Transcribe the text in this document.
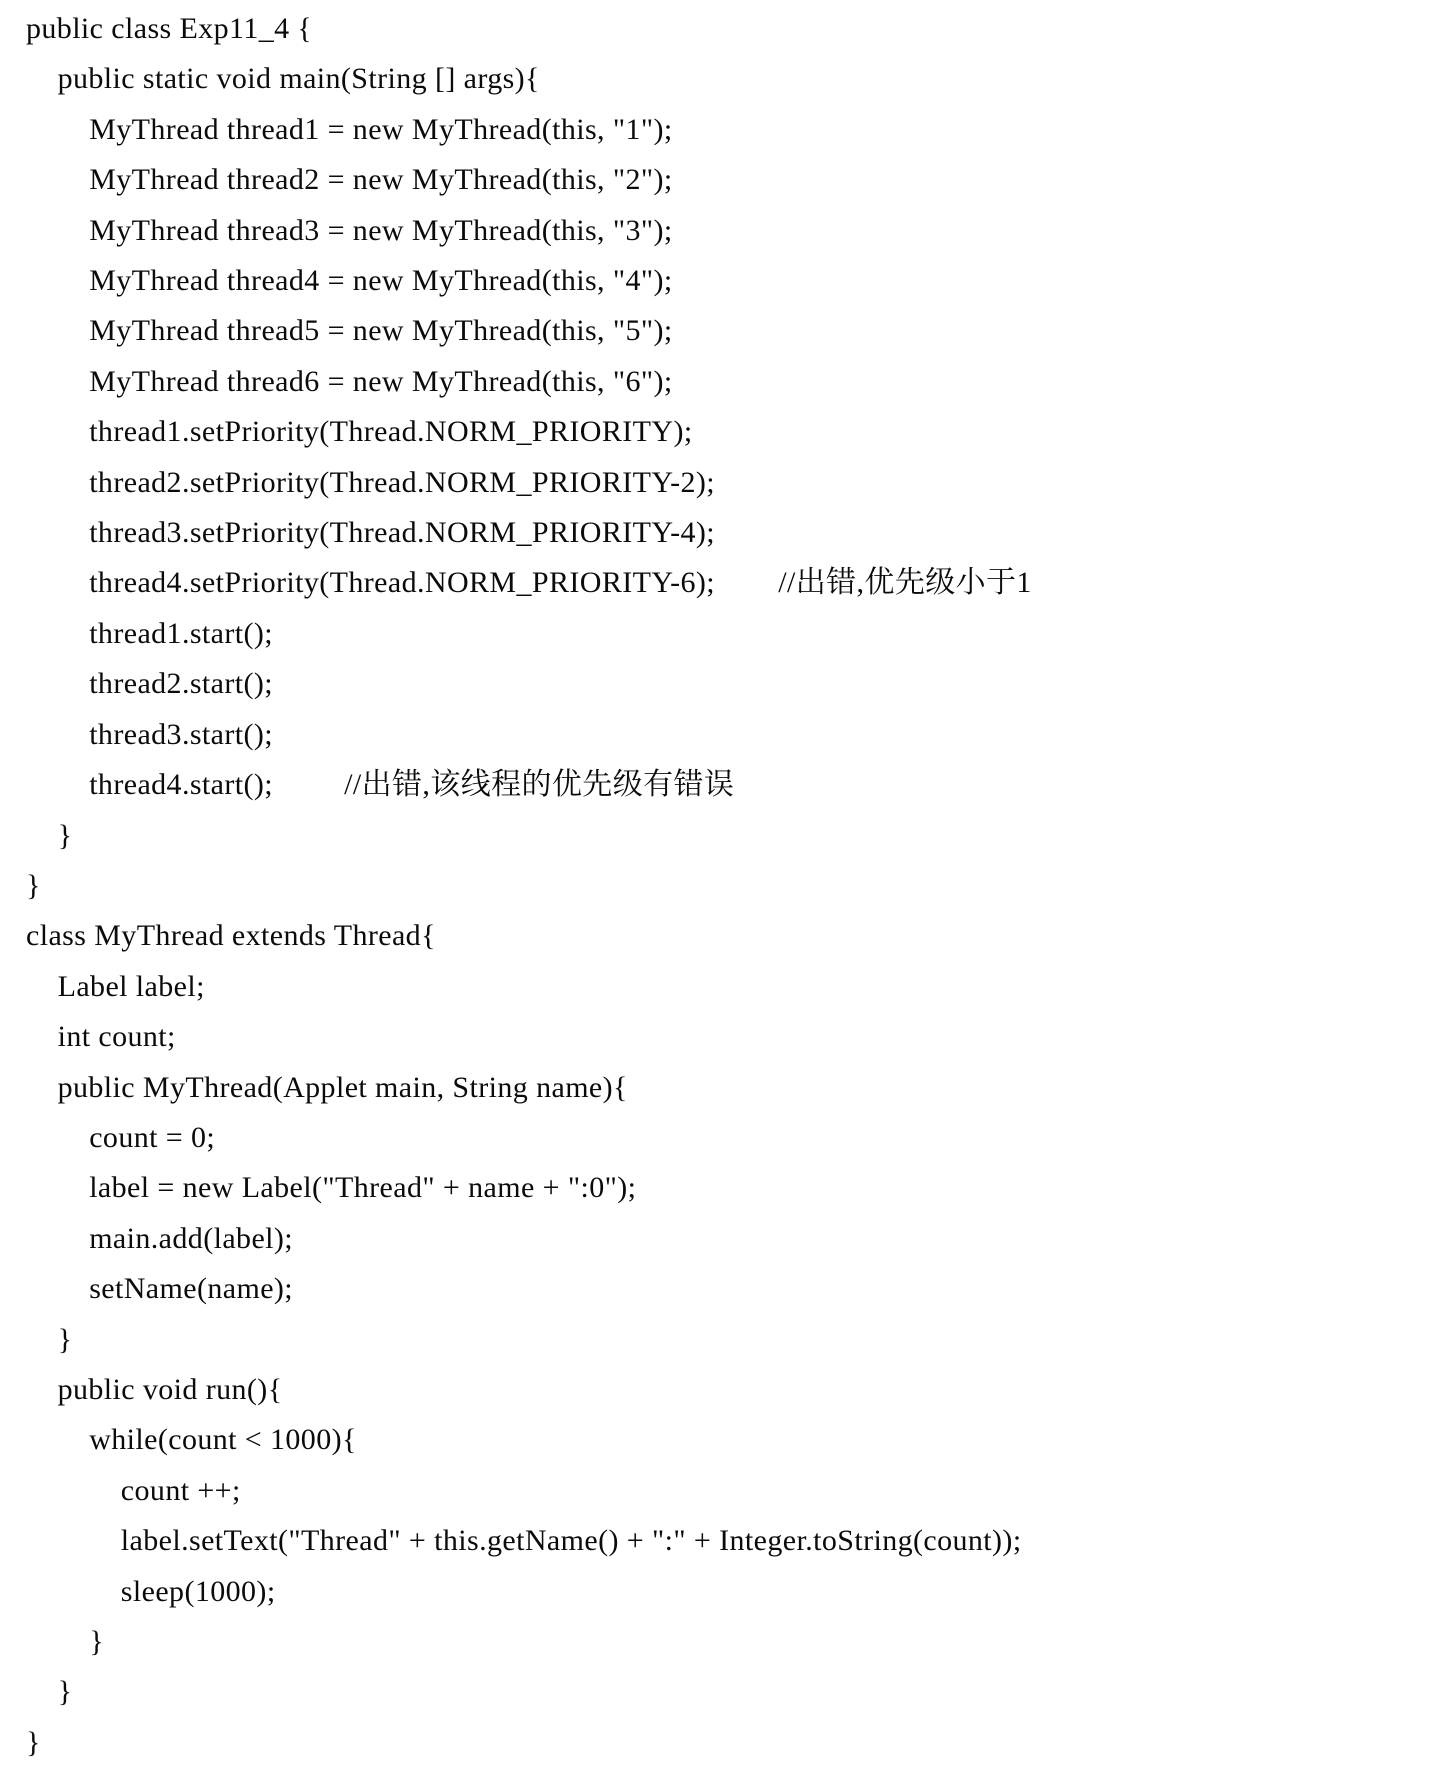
public class Exp11_4 {
public static void main(String [] args){
MyThread thread1 = new MyThread(this, "1");
MyThread thread2 = new MyThread(this, "2");
MyThread thread3 = new MyThread(this, "3");
MyThread thread4 = new MyThread(this, "4");
MyThread thread5 = new MyThread(this, "5");
MyThread thread6 = new MyThread(this, "6");
thread1.setPriority(Thread.NORM_PRIORITY);
thread2.setPriority(Thread.NORM_PRIORITY-2);
thread3.setPriority(Thread.NORM_PRIORITY-4);
thread4.setPriority(Thread.NORM_PRIORITY-6);        //出错,优先级小于1
thread1.start();
thread2.start();
thread3.start();
thread4.start();         //出错,该线程的优先级有错误
}
}
class MyThread extends Thread{
Label label;
int count;
public MyThread(Applet main, String name){
count = 0;
label = new Label("Thread" + name + ":0");
main.add(label);
setName(name);
}
public void run(){
while(count < 1000){
count ++;
label.setText("Thread" + this.getName() + ":" + Integer.toString(count));
sleep(1000);
}
}
}
